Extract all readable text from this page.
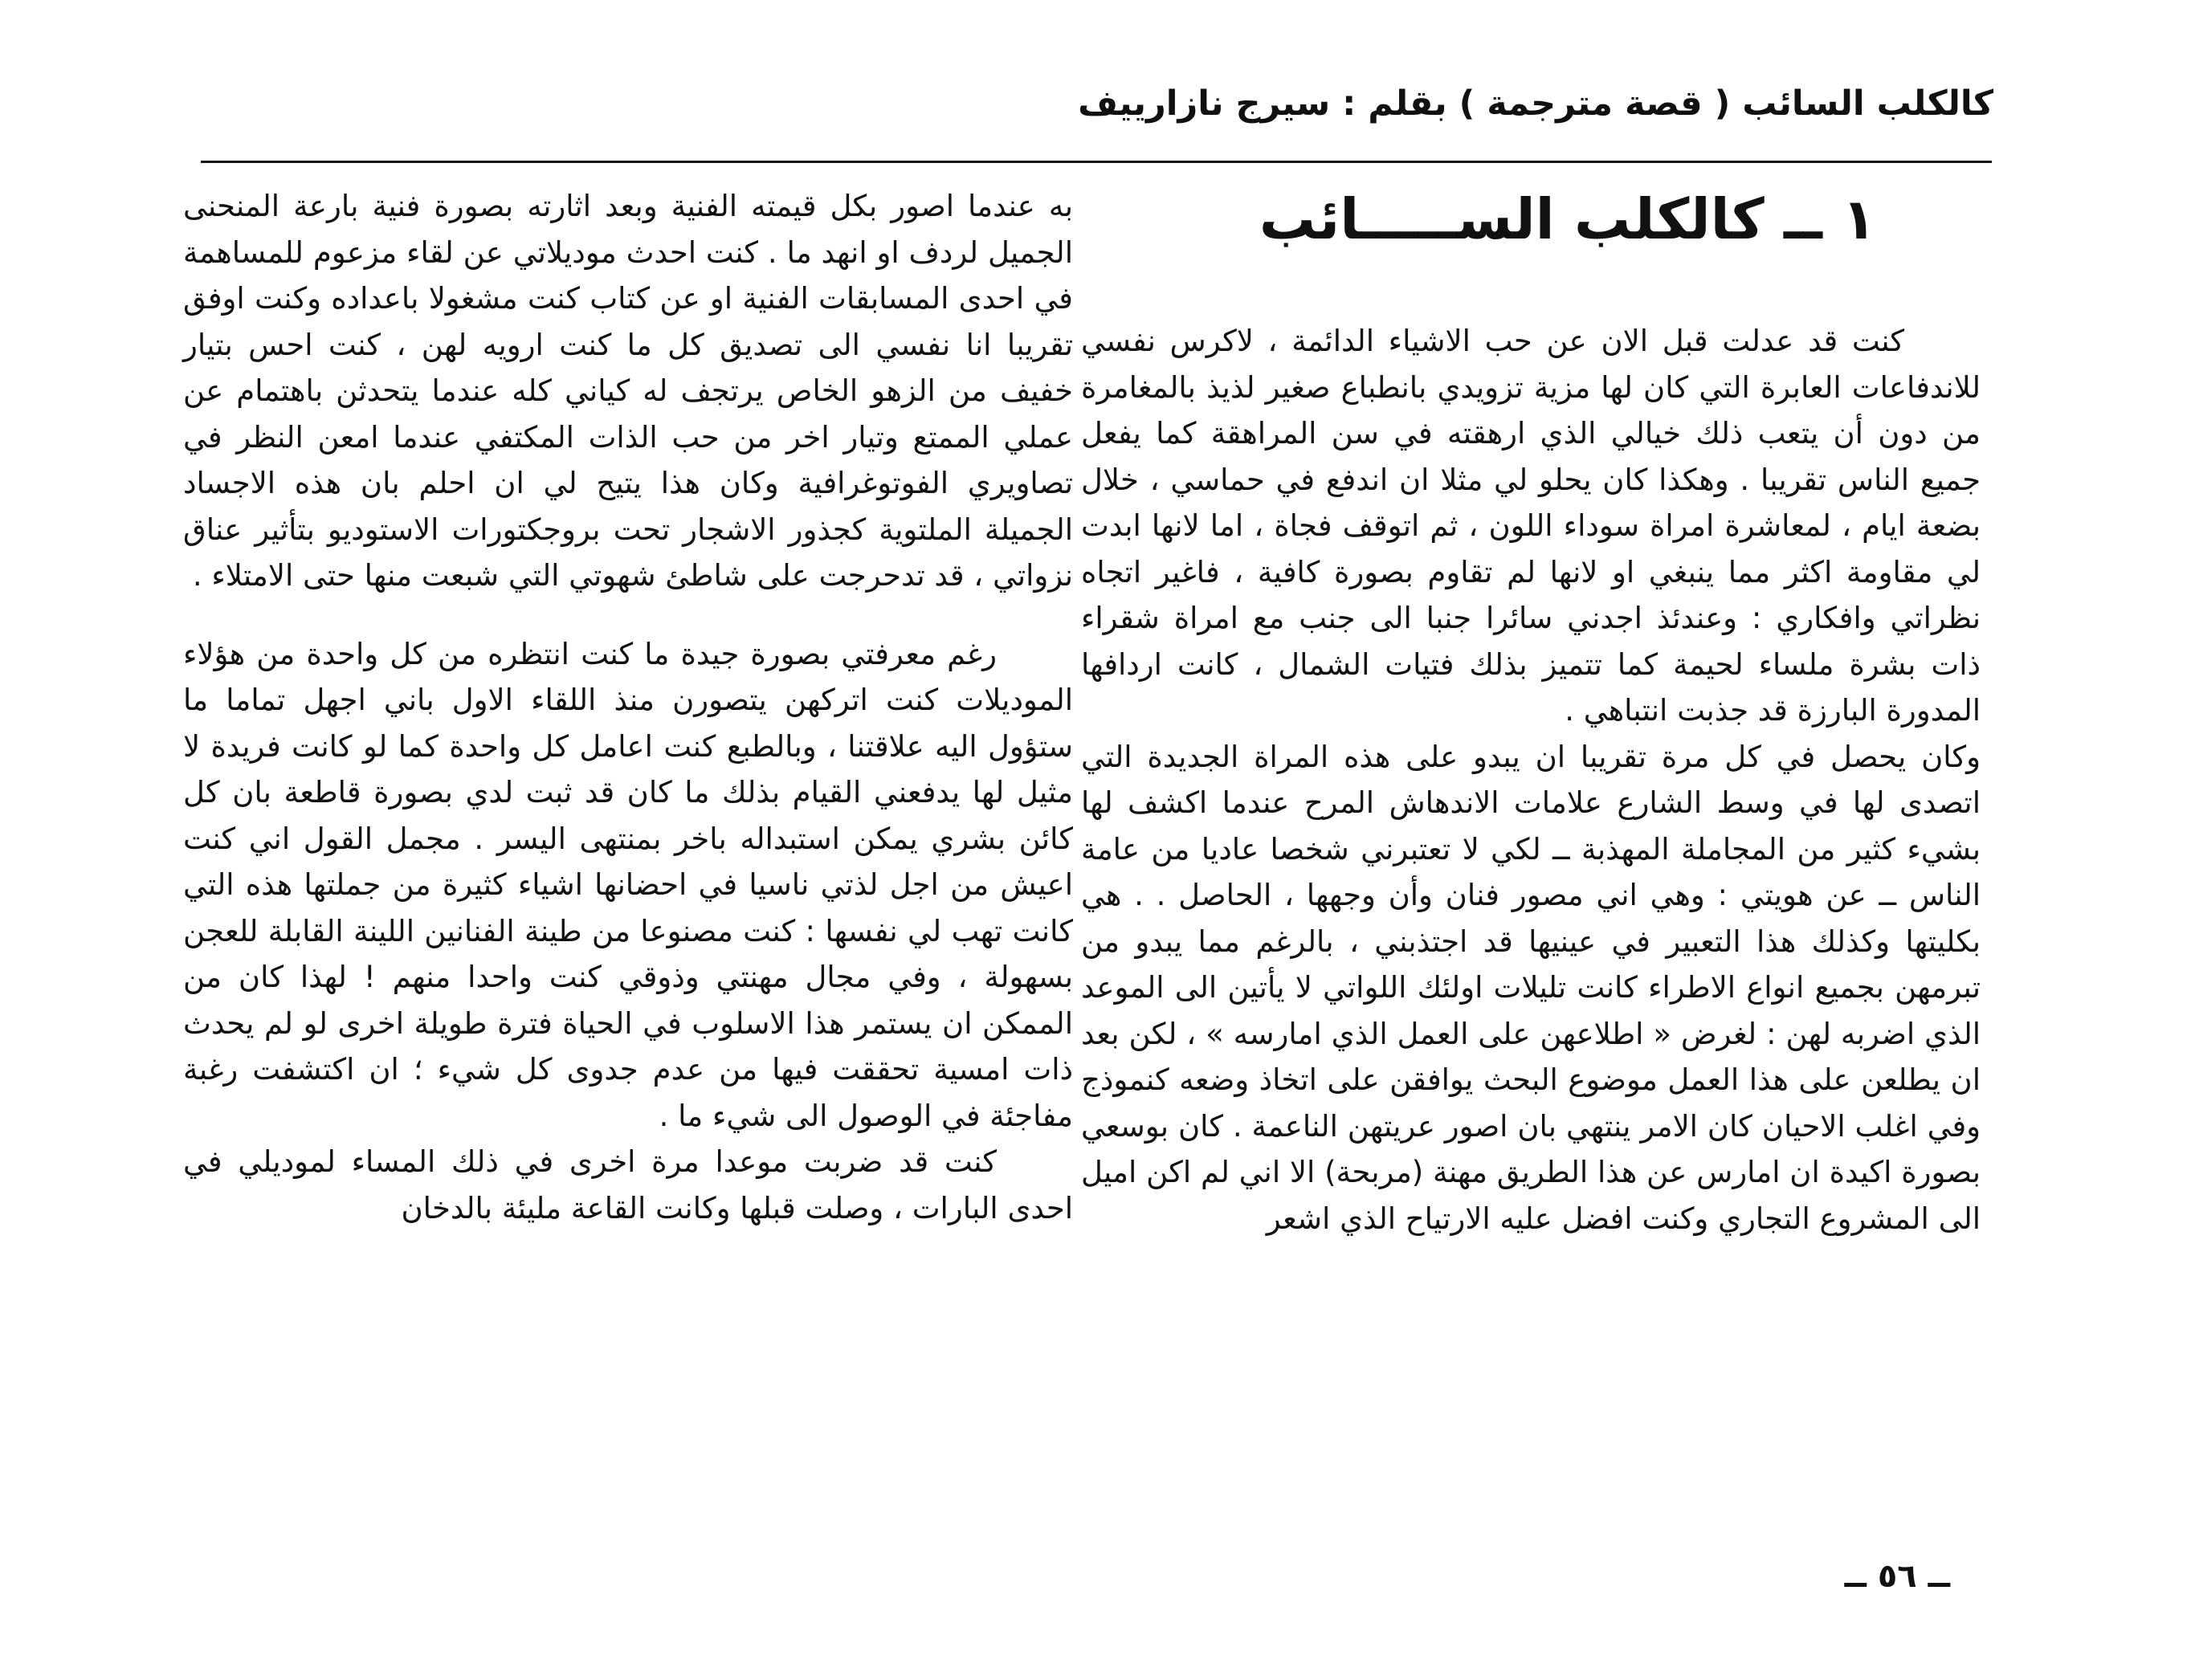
كالكلب السائب ( قصة مترجمة ) بقلم : سيرج نازارييف
١ ــ كالكلب الســـــائب

كنت قد عدلت قبل الان عن حب الاشياء الدائمة ، لاكرس نفسي للاندفاعات العابرة التي كان لها مزية تزويدي بانطباع صغير لذيذ بالمغامرة من دون أن يتعب ذلك خيالي الذي ارهقته في سن المراهقة كما يفعل جميع الناس تقريبا . وهكذا كان يحلو لي مثلا ان اندفع في حماسي ، خلال بضعة ايام ، لمعاشرة امراة سوداء اللون ، ثم اتوقف فجاة ، اما لانها ابدت لي مقاومة اكثر مما ينبغي او لانها لم تقاوم بصورة كافية ، فاغير اتجاه نظراتي وافكاري : وعندئذ اجدني سائرا جنبا الى جنب مع امراة شقراء ذات بشرة ملساء لحيمة كما تتميز بذلك فتيات الشمال ، كانت اردافها المدورة البارزة قد جذبت انتباهي .

وكان يحصل في كل مرة تقريبا ان يبدو على هذه المراة الجديدة التي اتصدى لها في وسط الشارع علامات الاندهاش المرح عندما اكشف لها بشيء كثير من المجاملة المهذبة ــ لكي لا تعتبرني شخصا عاديا من عامة الناس ــ عن هويتي : وهي اني مصور فنان وأن وجهها ، الحاصل . . هي بكليتها وكذلك هذا التعبير في عينيها قد اجتذبني ، بالرغم مما يبدو من تبرمهن بجميع انواع الاطراء كانت تليلات اولئك اللواتي لا يأتين الى الموعد الذي اضربه لهن : لغرض « اطلاعهن على العمل الذي امارسه » ، لكن بعد ان يطلعن على هذا العمل موضوع البحث يوافقن على اتخاذ وضعه كنموذج وفي اغلب الاحيان كان الامر ينتهي بان اصور عريتهن الناعمة . كان بوسعي بصورة اكيدة ان امارس عن هذا الطريق مهنة (مربحة) الا اني لم اكن اميل الى المشروع التجاري وكنت افضل عليه الارتياح الذي اشعر

به عندما اصور بكل قيمته الفنية وبعد اثارته بصورة فنية بارعة المنحنى الجميل لردف او انهد ما . كنت احدث موديلاتي عن لقاء مزعوم للمساهمة في احدى المسابقات الفنية او عن كتاب كنت مشغولا باعداده وكنت اوفق تقريبا انا نفسي الى تصديق كل ما كنت ارويه لهن ، كنت احس بتيار خفيف من الزهو الخاص يرتجف له كياني كله عندما يتحدثن باهتمام عن عملي الممتع وتيار اخر من حب الذات المكتفي عندما امعن النظر في تصاويري الفوتوغرافية وكان هذا يتيح لي ان احلم بان هذه الاجساد الجميلة الملتوية كجذور الاشجار تحت بروجكتورات الاستوديو بتأثير عناق نزواتي ، قد تدحرجت على شاطئ شهوتي التي شبعت منها حتى الامتلاء .

رغم معرفتي بصورة جيدة ما كنت انتظره من كل واحدة من هؤلاء الموديلات كنت اتركهن يتصورن منذ اللقاء الاول باني اجهل تماما ما ستؤول اليه علاقتنا ، وبالطبع كنت اعامل كل واحدة كما لو كانت فريدة لا مثيل لها يدفعني القيام بذلك ما كان قد ثبت لدي بصورة قاطعة بان كل كائن بشري يمكن استبداله باخر بمنتهى اليسر . مجمل القول اني كنت اعيش من اجل لذتي ناسيا في احضانها اشياء كثيرة من جملتها هذه التي كانت تهب لي نفسها : كنت مصنوعا من طينة الفنانين اللينة القابلة للعجن بسهولة ، وفي مجال مهنتي وذوقي كنت واحدا منهم ! لهذا كان من الممكن ان يستمر هذا الاسلوب في الحياة فترة طويلة اخرى لو لم يحدث ذات امسية تحققت فيها من عدم جدوى كل شيء ؛ ان اكتشفت رغبة مفاجئة في الوصول الى شيء ما .

كنت قد ضربت موعدا مرة اخرى في ذلك المساء لموديلي في احدى البارات ، وصلت قبلها وكانت القاعة مليئة بالدخان

ــ ٥٦ ــ
